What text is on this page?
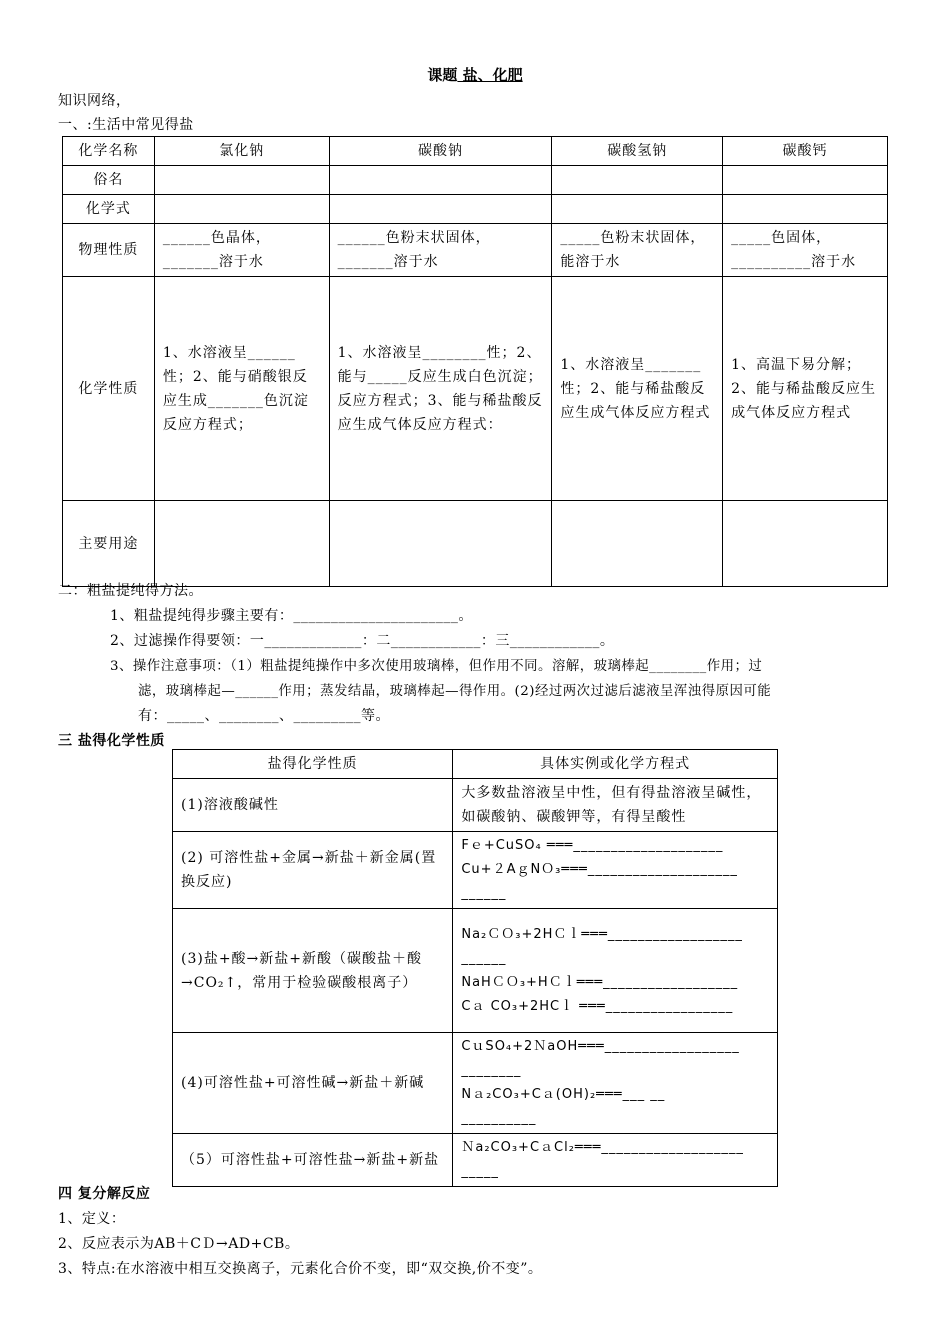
课题 盐、化肥
知识网络，
一、:生活中常见得盐
化学名称	氯化钠	碳酸钠	碳酸氢钠	碳酸钙
俗名				
化学式				
物理性质	______色晶体，_______溶于水	______色粉末状固体，_______溶于水	_____色粉末状固体，能溶于水	_____色固体，__________溶于水
化学性质	1、水溶液呈______性；2、能与硝酸银反应生成_______色沉淀反应方程式；	1、水溶液呈________性；2、能与_____反应生成白色沉淀；反应方程式；3、能与稀盐酸反应生成气体反应方程式：	1、水溶液呈_______性；2、能与稀盐酸反应生成气体反应方程式	1、高温下易分解；2、能与稀盐酸反应生成气体反应方程式
主要用途				
二：粗盐提纯得方法。
1、粗盐提纯得步骤主要有：______________________。
2、过滤操作得要领：一_____________：二____________：三____________。
3、操作注意事项：（1）粗盐提纯操作中多次使用玻璃棒，但作用不同。溶解，玻璃棒起________作用；过
滤，玻璃棒起—______作用；蒸发结晶，玻璃棒起—得作用。(2)经过两次过滤后滤液呈浑浊得原因可能
有：_____、________、_________等。
三 盐得化学性质
盐得化学性质	具体实例或化学方程式
(1)溶液酸碱性	大多数盐溶液呈中性，但有得盐溶液呈碱性，如碳酸钠、碳酸钾等，有得呈酸性
(2) 可溶性盐+金属→新盐＋新金属(置换反应)	Fｅ+CuSO₄ ═══____________________
Cu+２AｇNＯ₃═══____________________
______

(3)盐+酸→新盐+新酸（碳酸盐＋酸→CO₂↑，常用于检验碳酸根离子）	Na₂ＣＯ₃+2HＣｌ═══__________________
______
NaHＣＯ₃+HＣｌ═══__________________
Cａ CO₃+2HCｌ ═══_________________

(4)可溶性盐+可溶性碱→新盐＋新碱	CｕSO₄+2ＮaOH═══__________________
________
Nａ₂CO₃+Cａ(OH)₂═══___ __
__________

（5）可溶性盐+可溶性盐→新盐+新盐	Ｎa₂CO₃+CａCl₂═══___________________
_____
四 复分解反应
1、定义：
2、反应表示为AB＋CＤ→AD+CB。
3、特点:在水溶液中相互交换离子，元素化合价不变，即“双交换,价不变”。
